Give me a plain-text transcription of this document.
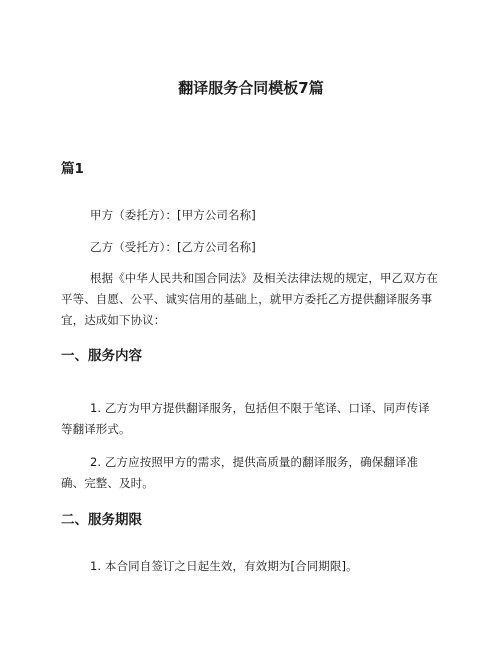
翻译服务合同模板7篇
篇1

甲方（委托方）：[甲方公司名称]

乙方（受托方）：[乙方公司名称]

根据《中华人民共和国合同法》及相关法律法规的规定，甲乙双方在平等、自愿、公平、诚实信用的基础上，就甲方委托乙方提供翻译服务事宜，达成如下协议：

一、服务内容

1. 乙方为甲方提供翻译服务，包括但不限于笔译、口译、同声传译等翻译形式。

2. 乙方应按照甲方的需求，提供高质量的翻译服务，确保翻译准确、完整、及时。

二、服务期限

1. 本合同自签订之日起生效，有效期为[合同期限]。
